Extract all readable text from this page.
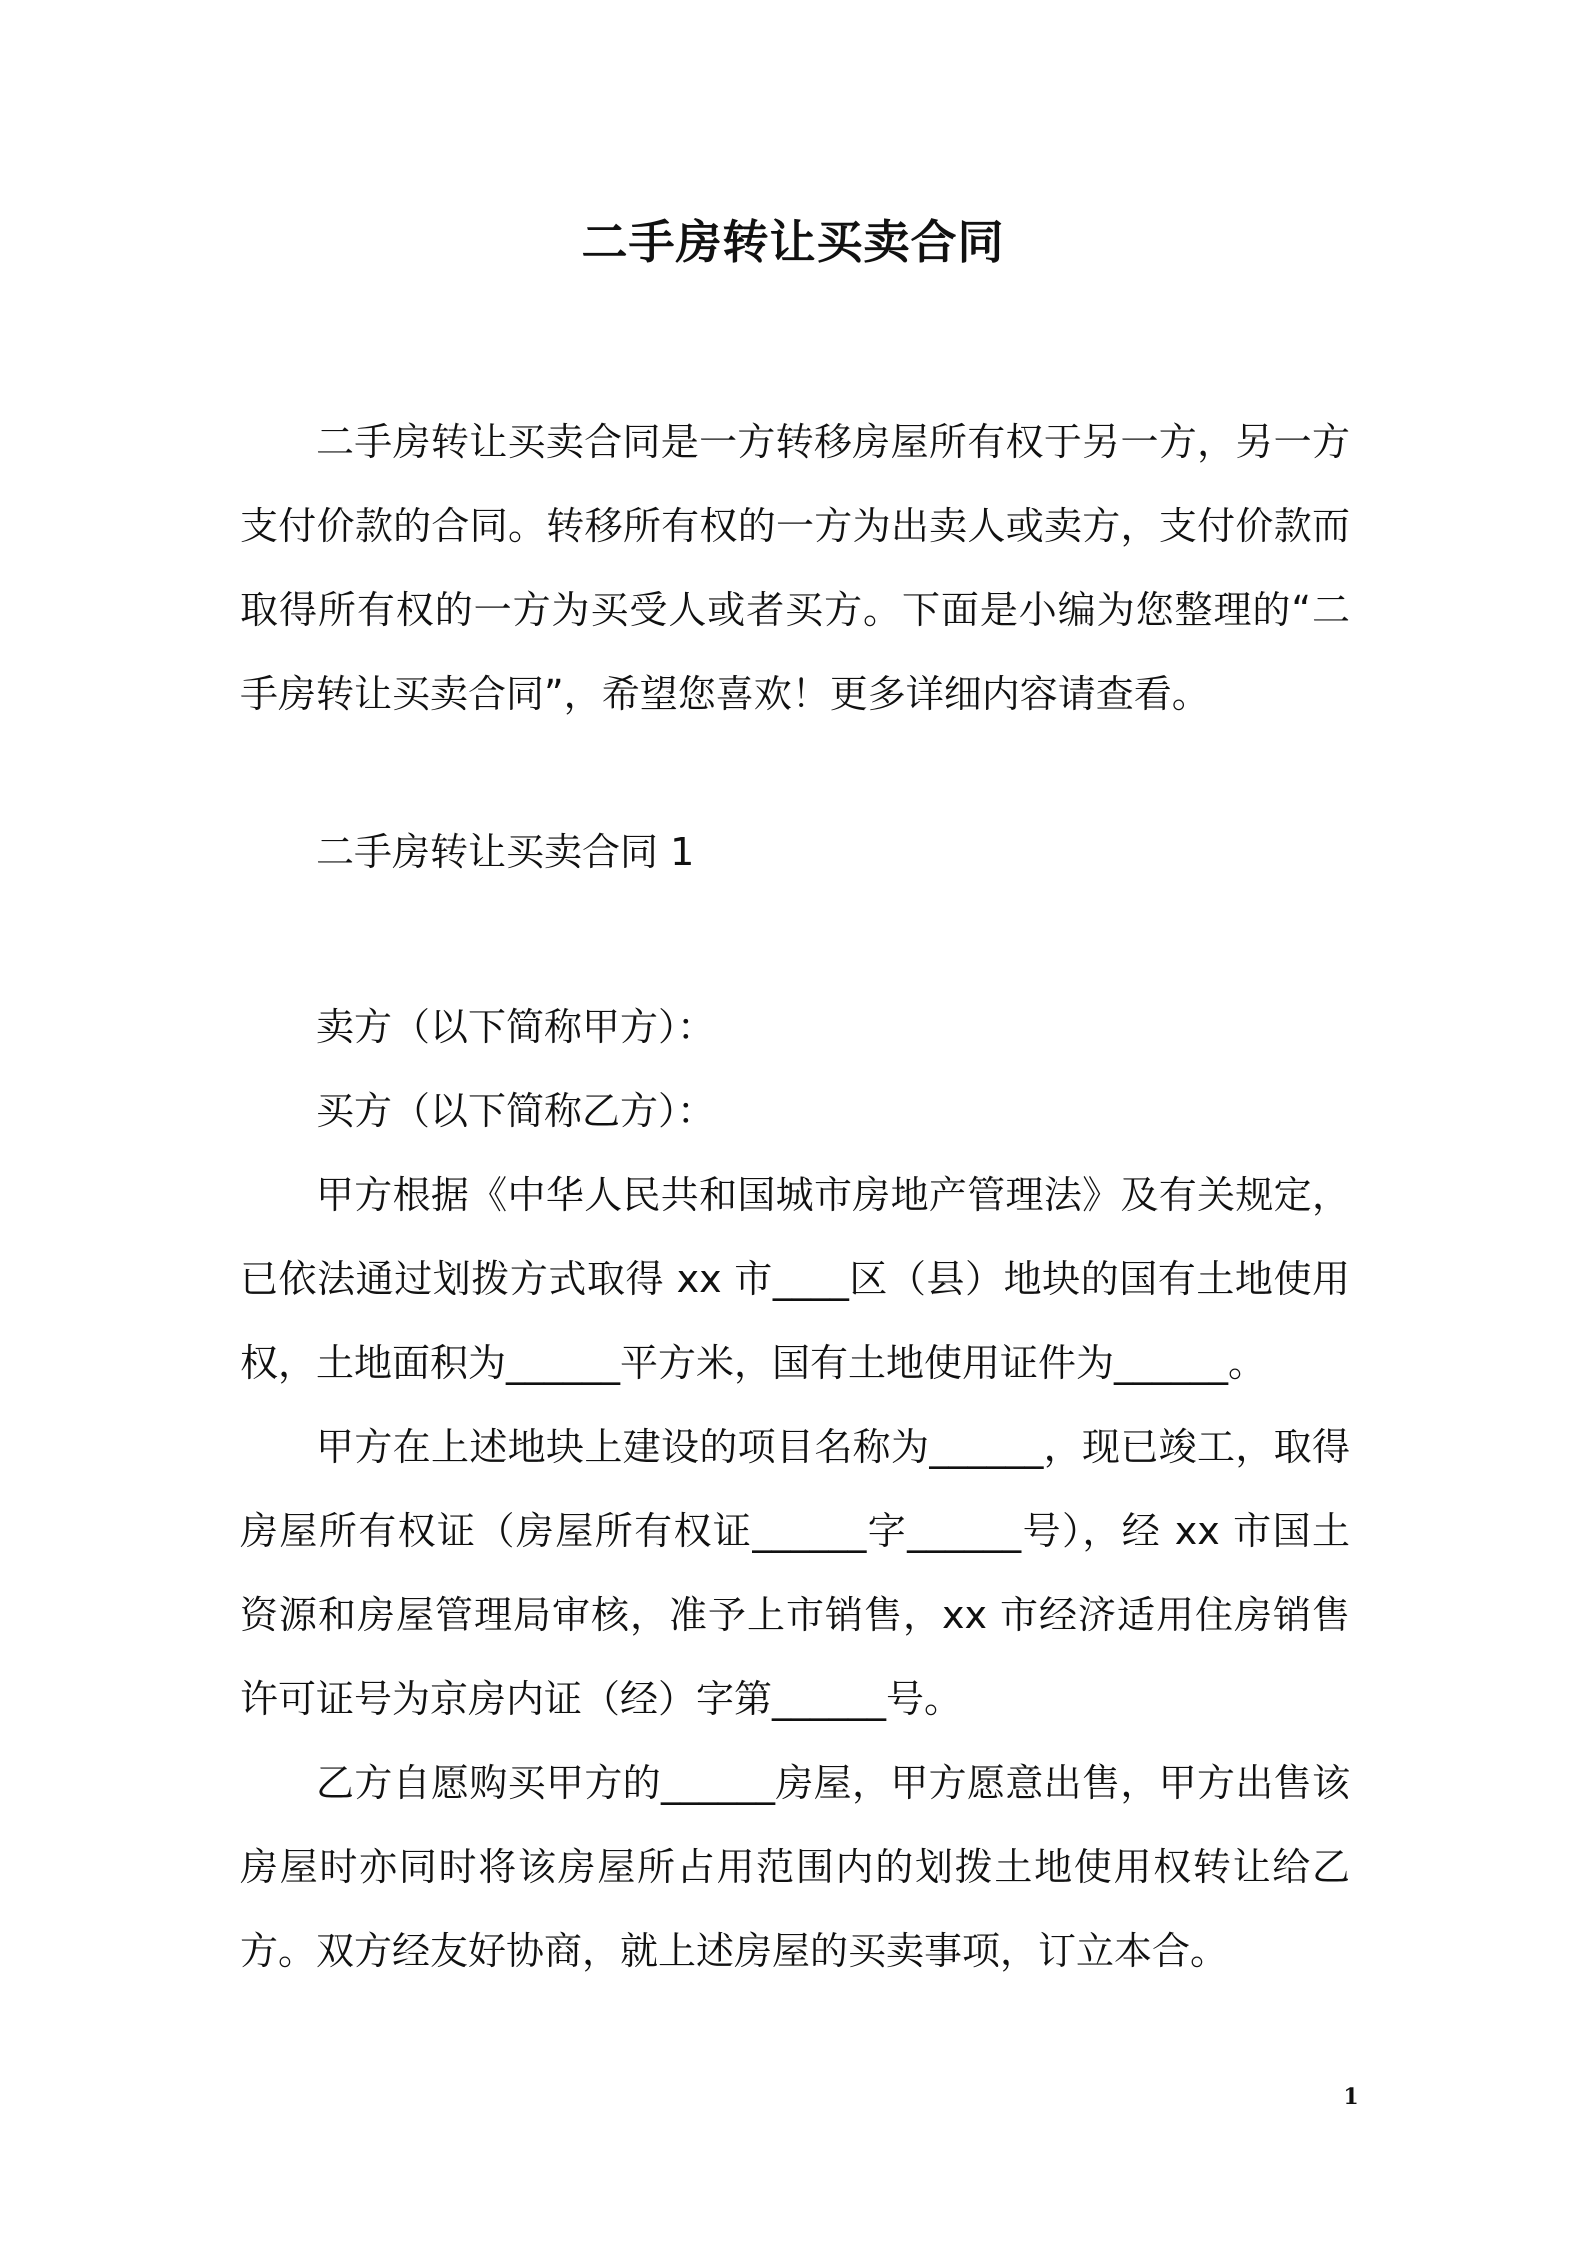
二手房转让买卖合同

二手房转让买卖合同是一方转移房屋所有权于另一方，另一方支付价款的合同。转移所有权的一方为出卖人或卖方，支付价款而取得所有权的一方为买受人或者买方。下面是小编为您整理的“二手房转让买卖合同”，希望您喜欢！更多详细内容请查看。

二手房转让买卖合同 1

卖方（以下简称甲方）：

买方（以下简称乙方）：

甲方根据《中华人民共和国城市房地产管理法》及有关规定，已依法通过划拨方式取得 xx 市____区（县）地块的国有土地使用权，土地面积为______平方米，国有土地使用证件为______。

甲方在上述地块上建设的项目名称为______，现已竣工，取得房屋所有权证（房屋所有权证______字______号），经 xx 市国土资源和房屋管理局审核，准予上市销售，xx 市经济适用住房销售许可证号为京房内证（经）字第______号。

乙方自愿购买甲方的______房屋，甲方愿意出售，甲方出售该房屋时亦同时将该房屋所占用范围内的划拨土地使用权转让给乙方。双方经友好协商，就上述房屋的买卖事项，订立本合。

1
